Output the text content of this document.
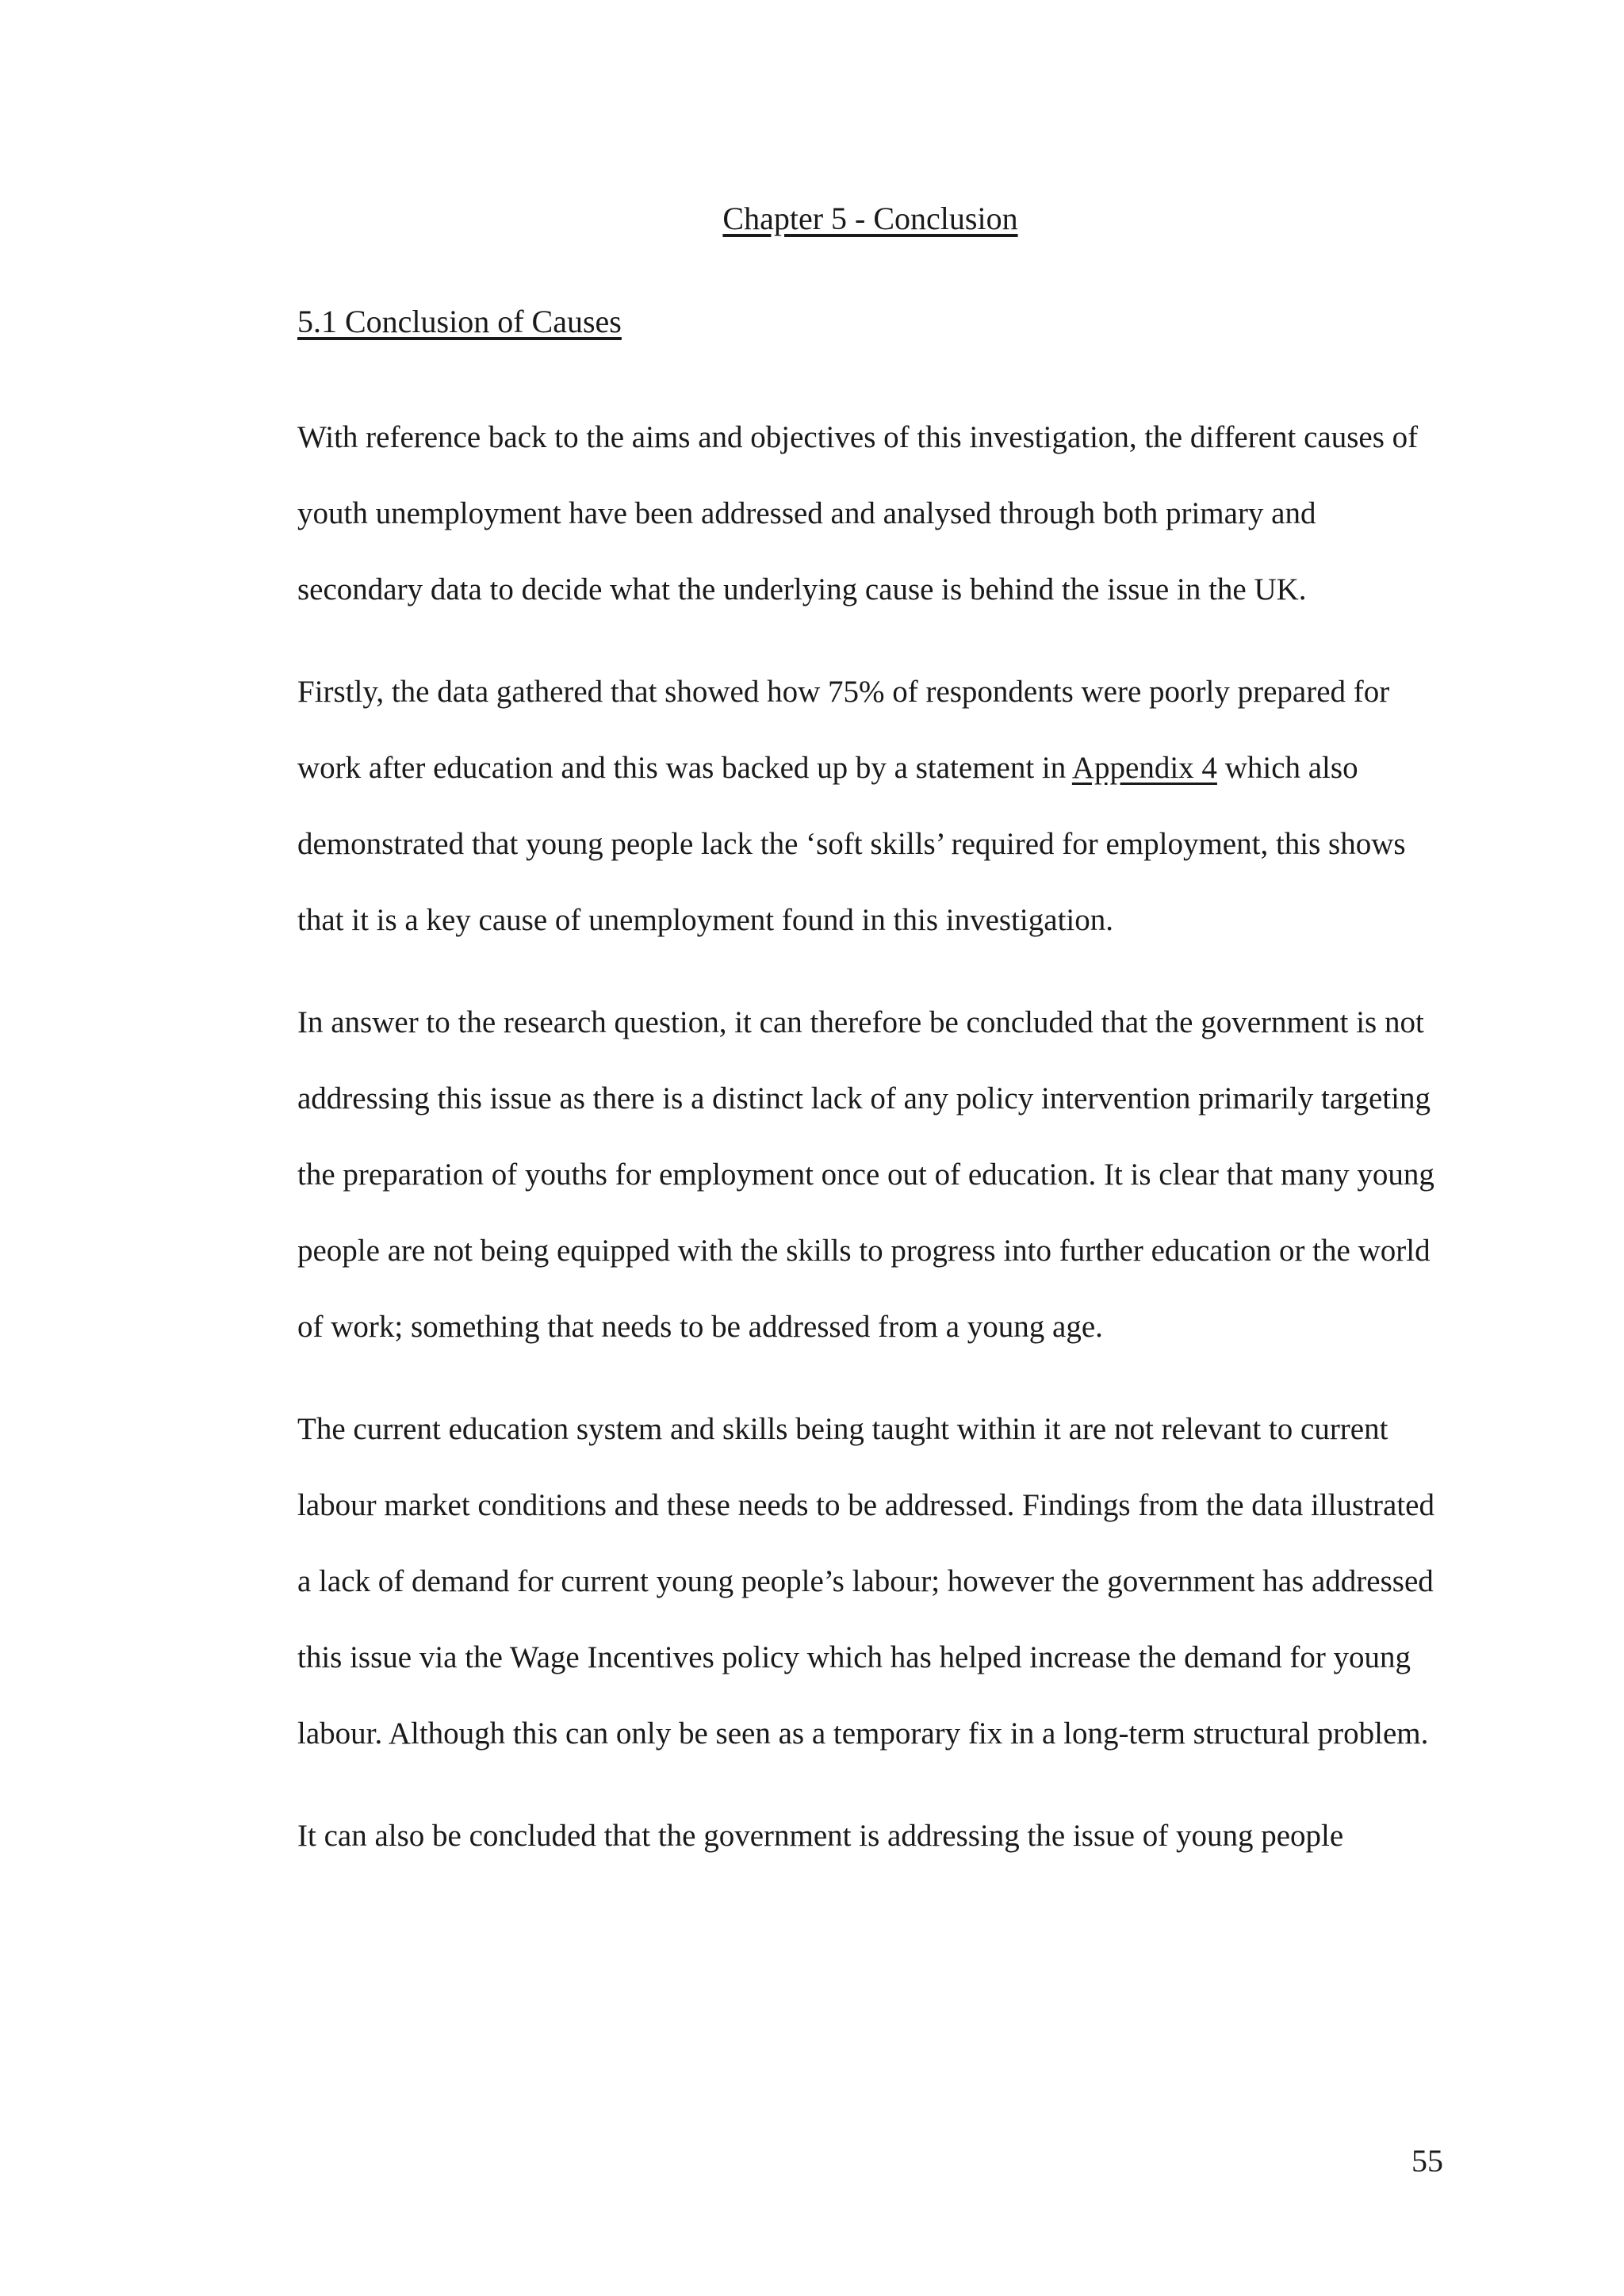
Chapter 5 - Conclusion
5.1 Conclusion of Causes

With reference back to the aims and objectives of this investigation, the different causes of youth unemployment have been addressed and analysed through both primary and secondary data to decide what the underlying cause is behind the issue in the UK.

Firstly, the data gathered that showed how 75% of respondents were poorly prepared for work after education and this was backed up by a statement in Appendix 4 which also demonstrated that young people lack the ‘soft skills’ required for employment, this shows that it is a key cause of unemployment found in this investigation.

In answer to the research question, it can therefore be concluded that the government is not addressing this issue as there is a distinct lack of any policy intervention primarily targeting the preparation of youths for employment once out of education. It is clear that many young people are not being equipped with the skills to progress into further education or the world of work; something that needs to be addressed from a young age.

The current education system and skills being taught within it are not relevant to current labour market conditions and these needs to be addressed. Findings from the data illustrated a lack of demand for current young people’s labour; however the government has addressed this issue via the Wage Incentives policy which has helped increase the demand for young labour. Although this can only be seen as a temporary fix in a long-term structural problem.

It can also be concluded that the government is addressing the issue of young people

55
